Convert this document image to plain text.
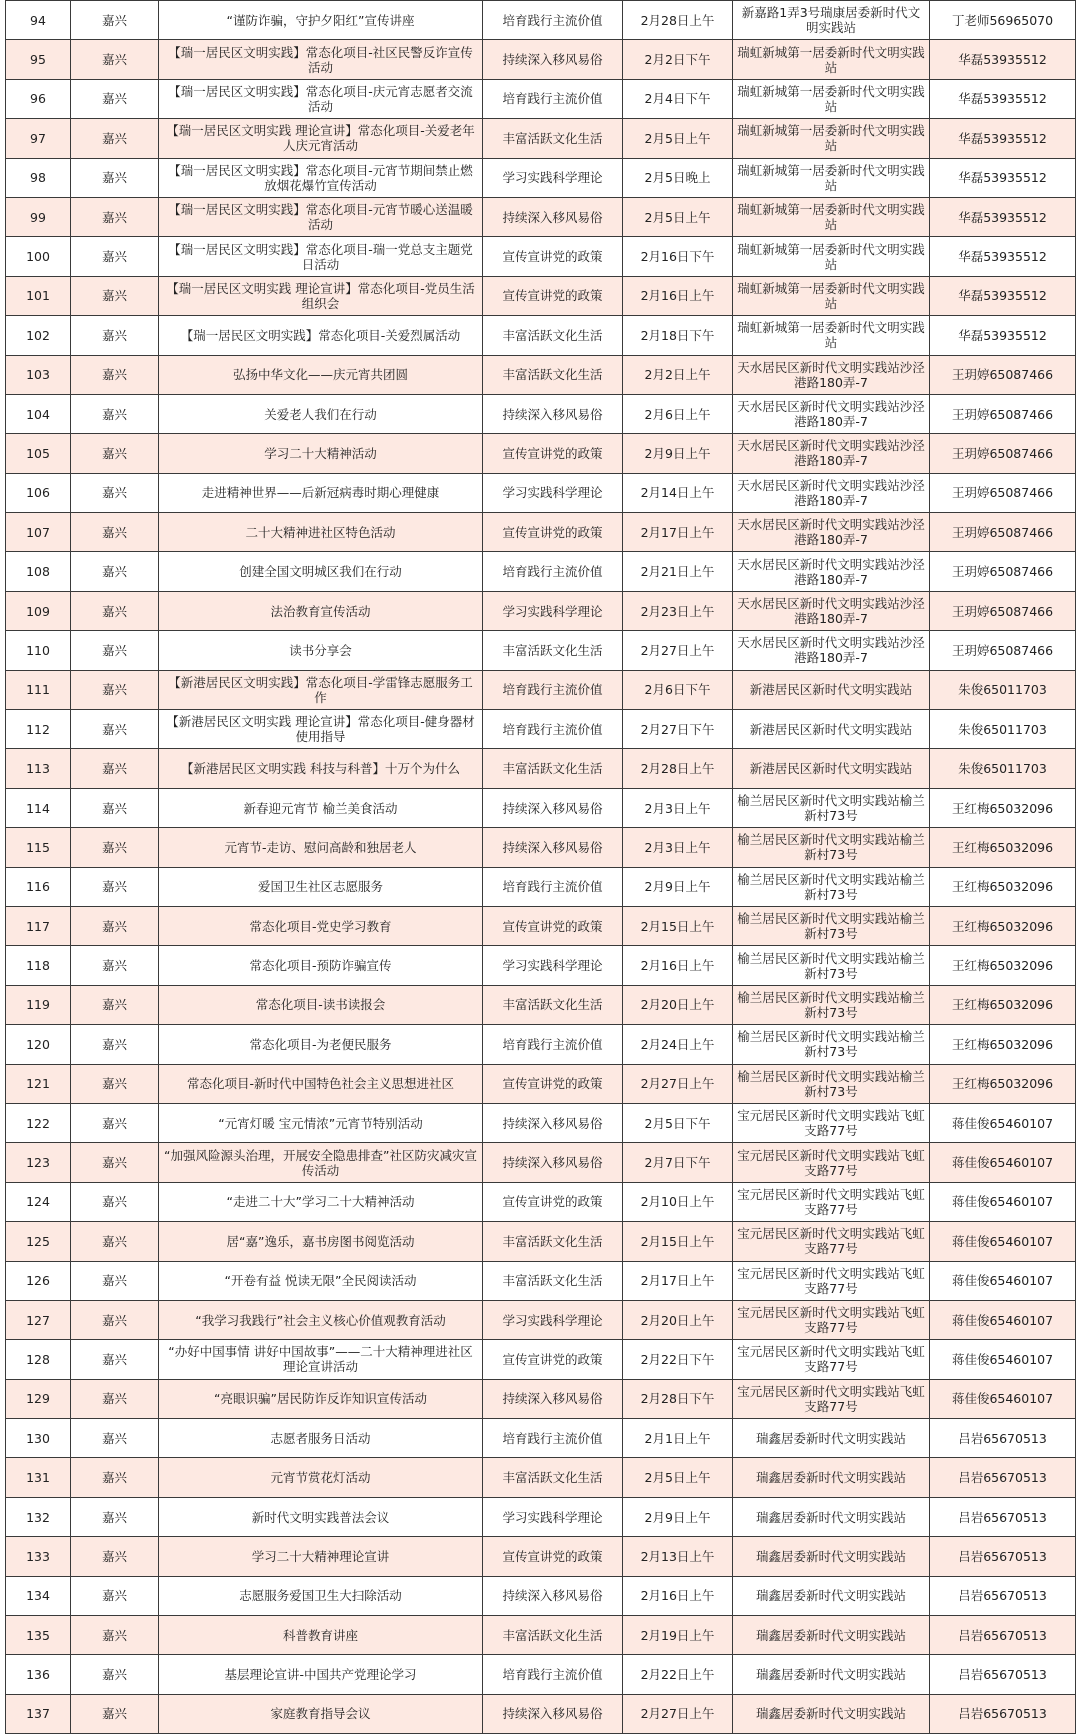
94	嘉兴	“谨防诈骗，守护夕阳红”宣传讲座	培育践行主流价值	2月28日上午	新嘉路1弄3号瑞康居委新时代文明实践站	丁老师56965070
95	嘉兴	【瑞一居民区文明实践】常态化项目-社区民警反诈宣传活动	持续深入移风易俗	2月2日下午	瑞虹新城第一居委新时代文明实践站	华磊53935512
96	嘉兴	【瑞一居民区文明实践】常态化项目-庆元宵志愿者交流活动	培育践行主流价值	2月4日下午	瑞虹新城第一居委新时代文明实践站	华磊53935512
97	嘉兴	【瑞一居民区文明实践 理论宣讲】常态化项目-关爱老年人庆元宵活动	丰富活跃文化生活	2月5日上午	瑞虹新城第一居委新时代文明实践站	华磊53935512
98	嘉兴	【瑞一居民区文明实践】常态化项目-元宵节期间禁止燃放烟花爆竹宣传活动	学习实践科学理论	2月5日晚上	瑞虹新城第一居委新时代文明实践站	华磊53935512
99	嘉兴	【瑞一居民区文明实践】常态化项目-元宵节暖心送温暖活动	持续深入移风易俗	2月5日上午	瑞虹新城第一居委新时代文明实践站	华磊53935512
100	嘉兴	【瑞一居民区文明实践】常态化项目-瑞一党总支主题党日活动	宣传宣讲党的政策	2月16日下午	瑞虹新城第一居委新时代文明实践站	华磊53935512
101	嘉兴	【瑞一居民区文明实践 理论宣讲】常态化项目-党员生活组织会	宣传宣讲党的政策	2月16日上午	瑞虹新城第一居委新时代文明实践站	华磊53935512
102	嘉兴	【瑞一居民区文明实践】常态化项目-关爱烈属活动	丰富活跃文化生活	2月18日下午	瑞虹新城第一居委新时代文明实践站	华磊53935512
103	嘉兴	弘扬中华文化——庆元宵共团圆	丰富活跃文化生活	2月2日上午	天水居民区新时代文明实践站沙泾港路180弄-7	王玥婷65087466
104	嘉兴	关爱老人我们在行动	持续深入移风易俗	2月6日上午	天水居民区新时代文明实践站沙泾港路180弄-7	王玥婷65087466
105	嘉兴	学习二十大精神活动	宣传宣讲党的政策	2月9日上午	天水居民区新时代文明实践站沙泾港路180弄-7	王玥婷65087466
106	嘉兴	走进精神世界——后新冠病毒时期心理健康	学习实践科学理论	2月14日上午	天水居民区新时代文明实践站沙泾港路180弄-7	王玥婷65087466
107	嘉兴	二十大精神进社区特色活动	宣传宣讲党的政策	2月17日上午	天水居民区新时代文明实践站沙泾港路180弄-7	王玥婷65087466
108	嘉兴	创建全国文明城区我们在行动	培育践行主流价值	2月21日上午	天水居民区新时代文明实践站沙泾港路180弄-7	王玥婷65087466
109	嘉兴	法治教育宣传活动	学习实践科学理论	2月23日上午	天水居民区新时代文明实践站沙泾港路180弄-7	王玥婷65087466
110	嘉兴	读书分享会	丰富活跃文化生活	2月27日上午	天水居民区新时代文明实践站沙泾港路180弄-7	王玥婷65087466
111	嘉兴	【新港居民区文明实践】常态化项目-学雷锋志愿服务工作	培育践行主流价值	2月6日下午	新港居民区新时代文明实践站	朱俊65011703
112	嘉兴	【新港居民区文明实践 理论宣讲】常态化项目-健身器材使用指导	培育践行主流价值	2月27日下午	新港居民区新时代文明实践站	朱俊65011703
113	嘉兴	【新港居民区文明实践 科技与科普】十万个为什么	丰富活跃文化生活	2月28日上午	新港居民区新时代文明实践站	朱俊65011703
114	嘉兴	新春迎元宵节 榆兰美食活动	持续深入移风易俗	2月3日上午	榆兰居民区新时代文明实践站榆兰新村73号	王红梅65032096
115	嘉兴	元宵节-走访、慰问高龄和独居老人	持续深入移风易俗	2月3日上午	榆兰居民区新时代文明实践站榆兰新村73号	王红梅65032096
116	嘉兴	爱国卫生社区志愿服务	培育践行主流价值	2月9日上午	榆兰居民区新时代文明实践站榆兰新村73号	王红梅65032096
117	嘉兴	常态化项目-党史学习教育	宣传宣讲党的政策	2月15日上午	榆兰居民区新时代文明实践站榆兰新村73号	王红梅65032096
118	嘉兴	常态化项目-预防诈骗宣传	学习实践科学理论	2月16日上午	榆兰居民区新时代文明实践站榆兰新村73号	王红梅65032096
119	嘉兴	常态化项目-读书读报会	丰富活跃文化生活	2月20日上午	榆兰居民区新时代文明实践站榆兰新村73号	王红梅65032096
120	嘉兴	常态化项目-为老便民服务	培育践行主流价值	2月24日上午	榆兰居民区新时代文明实践站榆兰新村73号	王红梅65032096
121	嘉兴	常态化项目-新时代中国特色社会主义思想进社区	宣传宣讲党的政策	2月27日上午	榆兰居民区新时代文明实践站榆兰新村73号	王红梅65032096
122	嘉兴	“元宵灯暖 宝元情浓”元宵节特别活动	持续深入移风易俗	2月5日下午	宝元居民区新时代文明实践站飞虹支路77号	蒋佳俊65460107
123	嘉兴	“加强风险源头治理，开展安全隐患排查”社区防灾减灾宣传活动	持续深入移风易俗	2月7日下午	宝元居民区新时代文明实践站飞虹支路77号	蒋佳俊65460107
124	嘉兴	“走进二十大”学习二十大精神活动	宣传宣讲党的政策	2月10日上午	宝元居民区新时代文明实践站飞虹支路77号	蒋佳俊65460107
125	嘉兴	居“嘉”逸乐，嘉书房图书阅览活动	丰富活跃文化生活	2月15日上午	宝元居民区新时代文明实践站飞虹支路77号	蒋佳俊65460107
126	嘉兴	“开卷有益 悦读无限”全民阅读活动	丰富活跃文化生活	2月17日上午	宝元居民区新时代文明实践站飞虹支路77号	蒋佳俊65460107
127	嘉兴	“我学习我践行”社会主义核心价值观教育活动	学习实践科学理论	2月20日上午	宝元居民区新时代文明实践站飞虹支路77号	蒋佳俊65460107
128	嘉兴	“办好中国事情 讲好中国故事”——二十大精神理进社区理论宣讲活动	宣传宣讲党的政策	2月22日下午	宝元居民区新时代文明实践站飞虹支路77号	蒋佳俊65460107
129	嘉兴	“亮眼识骗”居民防诈反诈知识宣传活动	持续深入移风易俗	2月28日下午	宝元居民区新时代文明实践站飞虹支路77号	蒋佳俊65460107
130	嘉兴	志愿者服务日活动	培育践行主流价值	2月1日上午	瑞鑫居委新时代文明实践站	吕岩65670513
131	嘉兴	元宵节赏花灯活动	丰富活跃文化生活	2月5日上午	瑞鑫居委新时代文明实践站	吕岩65670513
132	嘉兴	新时代文明实践普法会议	学习实践科学理论	2月9日上午	瑞鑫居委新时代文明实践站	吕岩65670513
133	嘉兴	学习二十大精神理论宣讲	宣传宣讲党的政策	2月13日上午	瑞鑫居委新时代文明实践站	吕岩65670513
134	嘉兴	志愿服务爱国卫生大扫除活动	持续深入移风易俗	2月16日上午	瑞鑫居委新时代文明实践站	吕岩65670513
135	嘉兴	科普教育讲座	丰富活跃文化生活	2月19日上午	瑞鑫居委新时代文明实践站	吕岩65670513
136	嘉兴	基层理论宣讲-中国共产党理论学习	培育践行主流价值	2月22日上午	瑞鑫居委新时代文明实践站	吕岩65670513
137	嘉兴	家庭教育指导会议	持续深入移风易俗	2月27日上午	瑞鑫居委新时代文明实践站	吕岩65670513
